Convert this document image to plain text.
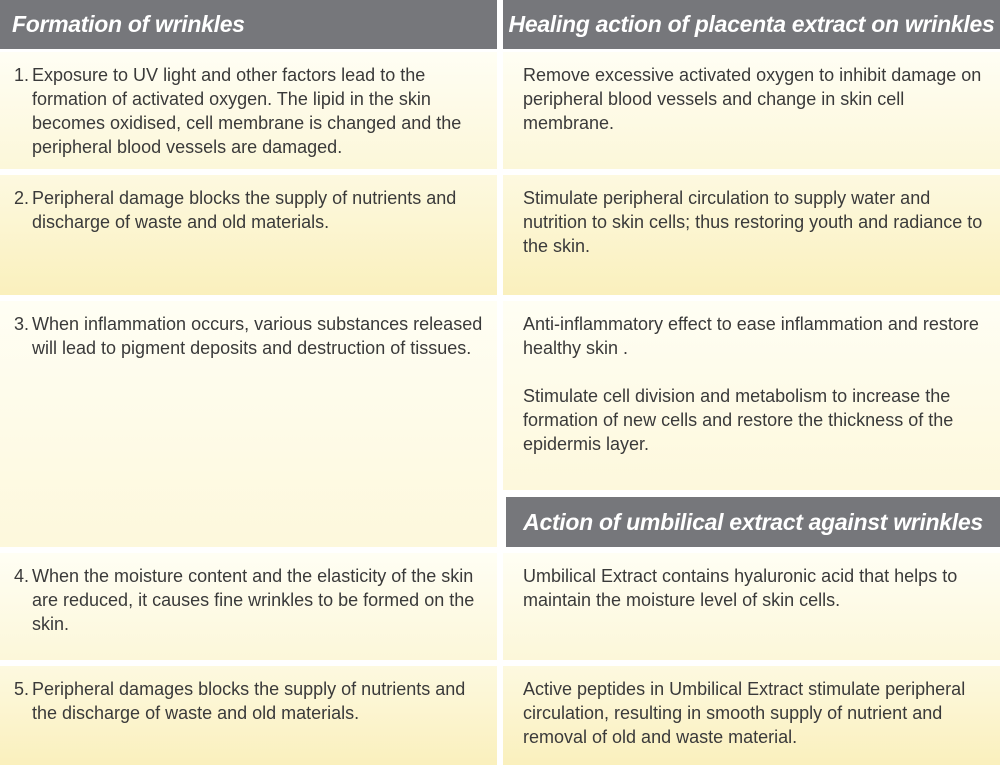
Formation of wrinkles	Healing action of placenta extract on wrinkles
1. Exposure to UV light and other factors lead to the formation of activated oxygen. The lipid in the skin becomes oxidised, cell membrane is changed and the peripheral blood vessels are damaged.
Remove excessive activated oxygen to inhibit damage on peripheral blood vessels and change in skin cell membrane.
2. Peripheral damage blocks the supply of nutrients and discharge of waste and old materials.
Stimulate peripheral circulation to supply water and nutrition to skin cells; thus restoring youth and radiance to the skin.
3. When inflammation occurs, various substances released will lead to pigment deposits and destruction of tissues.
Anti-inflammatory effect to ease inflammation and restore healthy skin .
Stimulate cell division and metabolism to increase the formation of new cells and restore the thickness of the epidermis layer.
Action of umbilical extract against wrinkles
4. When the moisture content and the elasticity of the skin are reduced, it causes fine wrinkles to be formed on the skin.
Umbilical Extract contains hyaluronic acid that helps to maintain the moisture level of skin cells.
5. Peripheral damages blocks the supply of nutrients and the discharge of waste and old materials.
Active peptides in Umbilical Extract stimulate peripheral circulation, resulting in smooth supply of nutrient and removal of old and waste material.
